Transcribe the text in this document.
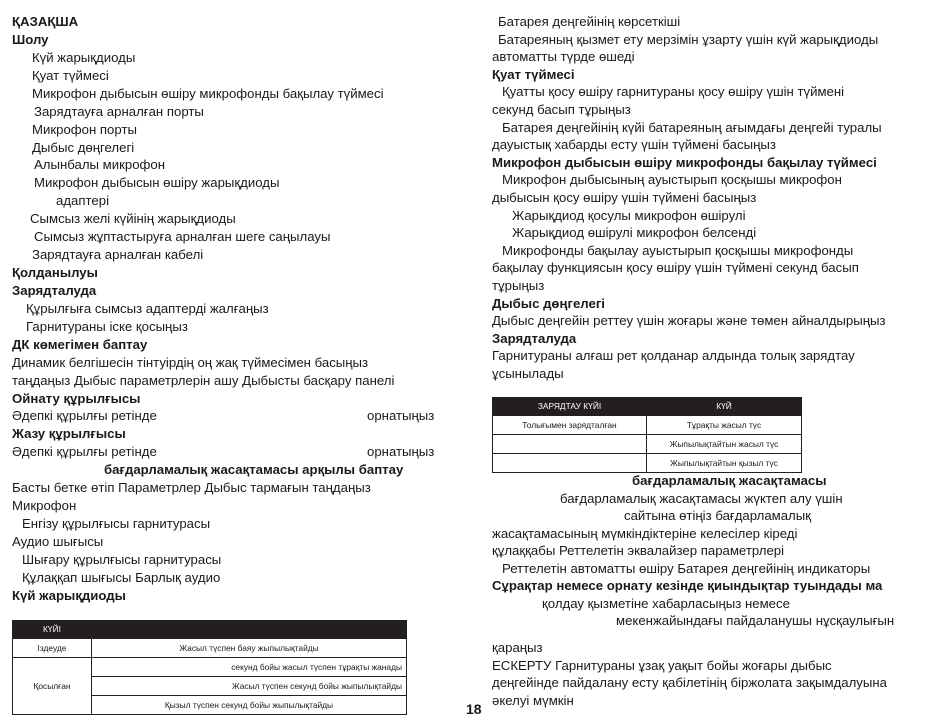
ҚАЗАҚША
Шолу
Күй жарықдиоды
Қуат түймесі
Микрофон дыбысын өшіру микрофонды бақылау түймесі
Зарядтауға арналған порты
Микрофон порты
Дыбыс дөңгелегі
Алынбалы микрофон
Микрофон дыбысын өшіру жарықдиоды
адаптері
Сымсыз желі күйінің жарықдиоды
Сымсыз жұптастыруға арналған шеге саңылауы
Зарядтауға арналған кабелі
Қолданылуы
Зарядталуда
Құрылғыға сымсыз адаптерді жалғаңыз
Гарнитураны іске қосыңыз
ДК көмегімен баптау
Динамик белгішесін тінтуірдің оң жақ түймесімен басыңыз
таңдаңыз Дыбыс параметрлерін ашу Дыбысты басқару панелі
Ойнату құрылғысы
Әдепкі құрылғы ретінде	орнатыңыз
Жазу құрылғысы
Әдепкі құрылғы ретінде	орнатыңыз
бағдарламалық жасақтамасы арқылы баптау
Басты бетке өтіп Параметрлер Дыбыс тармағын таңдаңыз
Микрофон
Енгізу құрылғысы гарнитурасы
Аудио шығысы
Шығару құрылғысы гарнитурасы
Құлаққап шығысы Барлық аудио
Күй жарықдиоды
Батарея деңгейінің көрсеткіші
Батареяның қызмет ету мерзімін ұзарту үшін күй жарықдиоды
автоматты түрде өшеді
Қуат түймесі
Қуатты қосу өшіру гарнитураны қосу өшіру үшін түймені
секунд басып тұрыңыз
Батарея деңгейінің күйі батареяның ағымдағы деңгейі туралы
дауыстық хабарды есту үшін түймені басыңыз
Микрофон дыбысын өшіру микрофонды бақылау түймесі
Микрофон дыбысының ауыстырып қосқышы микрофон
дыбысын қосу өшіру үшін түймені басыңыз
Жарықдиод қосулы микрофон өшірулі
Жарықдиод өшірулі микрофон белсенді
Микрофонды бақылау ауыстырып қосқышы микрофонды
бақылау функциясын қосу өшіру үшін түймені секунд басып
тұрыңыз
Дыбыс дөңгелегі
Дыбыс деңгейін реттеу үшін жоғары және төмен айналдырыңыз
Зарядталуда
Гарнитураны алғаш рет қолданар алдында толық зарядтау
ұсынылады
бағдарламалық жасақтамасы
бағдарламалық жасақтамасы жүктеп алу үшін
сайтына өтіңіз бағдарламалық
жасақтамасының мүмкіндіктеріне келесілер кіреді
құлаққабы Реттелетін эквалайзер параметрлері
Реттелетін автоматты өшіру Батарея деңгейінің индикаторы
Сұрақтар немесе орнату кезінде қиындықтар туындады ма
қолдау қызметіне хабарласыңыз немесе
мекенжайындағы пайдаланушы нұсқаулығын
қараңыз
ЕСКЕРТУ Гарнитураны ұзақ уақыт бойы жоғары дыбыс
деңгейінде пайдалану есту қабілетінің біржолата зақымдалуына
әкелуі мүмкін
КҮЙІ	
Іздеуде	Жасыл түспен баяу жыпылықтайды
Қосылған	секунд бойы жасыл түспен тұрақты жанады
	Жасыл түспен секунд бойы жыпылықтайды
	Қызыл түспен секунд бойы жыпылықтайды
ЗАРЯДТАУ КҮЙІ	КҮЙ
Толығымен зарядталған	Тұрақты жасыл түс
	Жыпылықтайтын жасыл түс
	Жыпылықтайтын қызыл түс
18
